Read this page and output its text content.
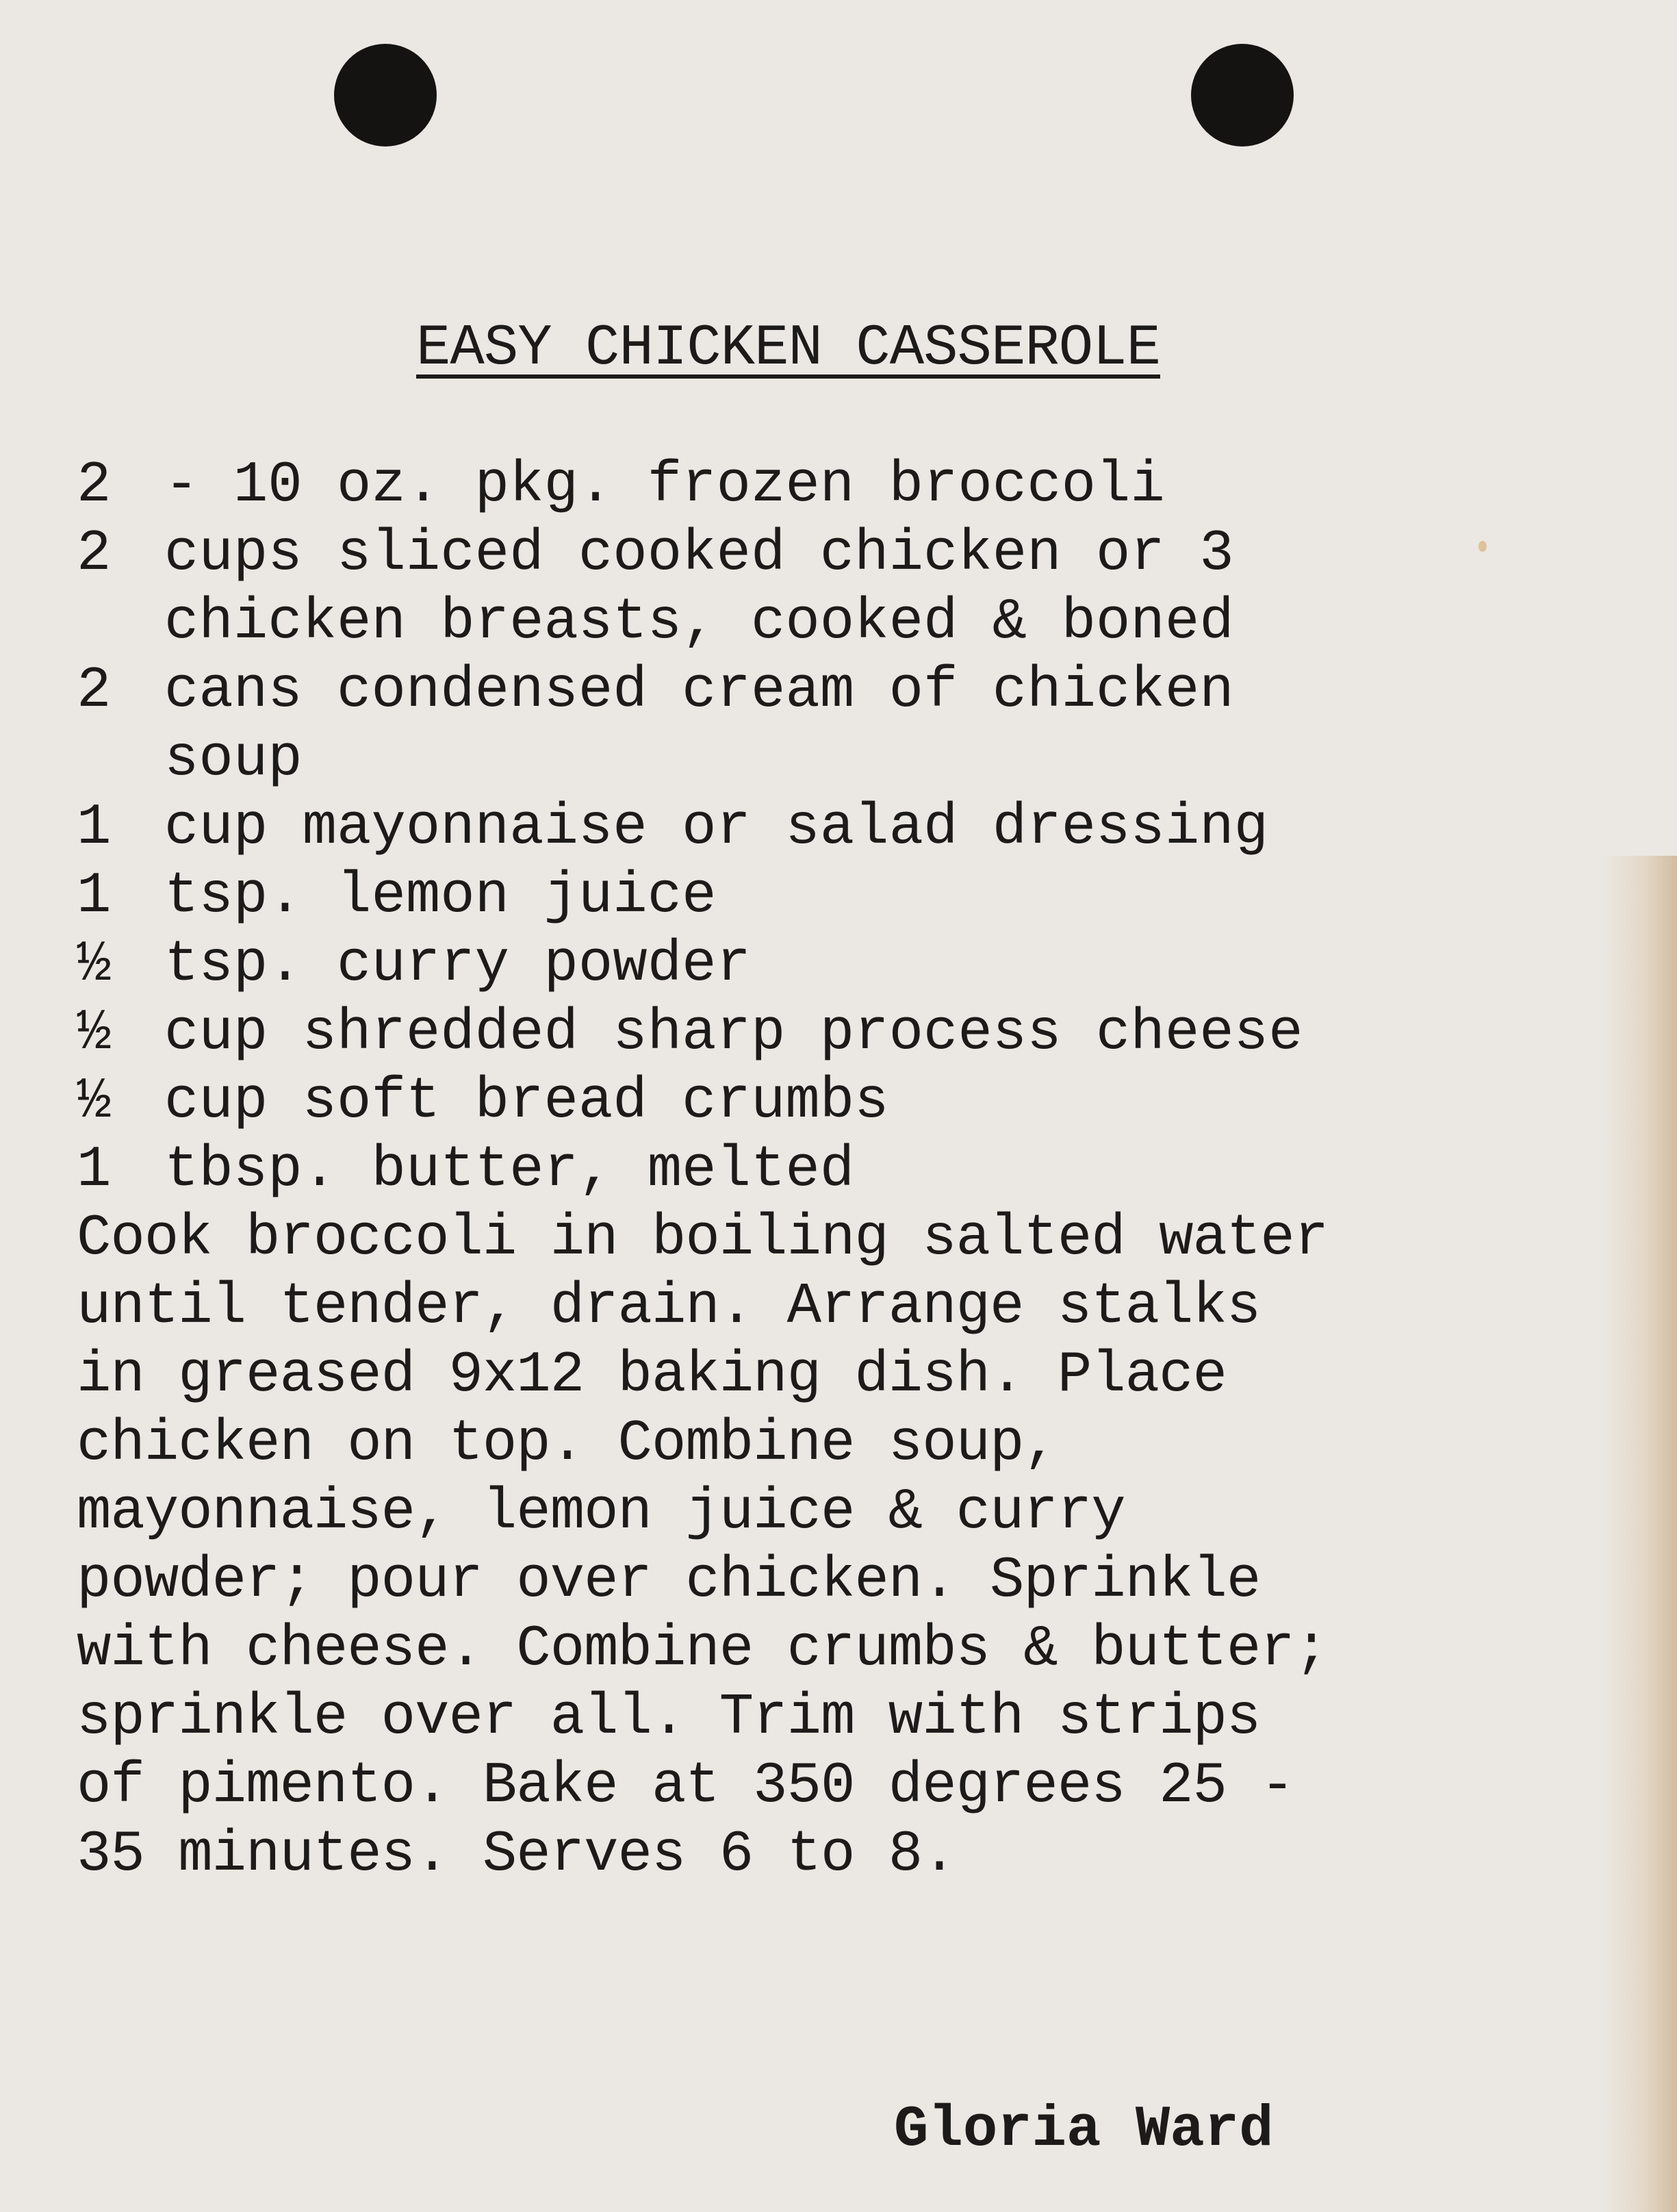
EASY CHICKEN CASSEROLE
2 - 10 oz. pkg. frozen broccoli
2 cups sliced cooked chicken or 3
chicken breasts, cooked & boned
2 cans condensed cream of chicken
soup
1 cup mayonnaise or salad dressing
1 tsp. lemon juice
½ tsp. curry powder
½ cup shredded sharp process cheese
½ cup soft bread crumbs
1 tbsp. butter, melted

Cook broccoli in boiling salted water
until tender, drain. Arrange stalks
in greased 9x12 baking dish. Place
chicken on top. Combine soup,
mayonnaise, lemon juice & curry
powder; pour over chicken. Sprinkle
with cheese. Combine crumbs & butter;
sprinkle over all. Trim with strips
of pimento. Bake at 350 degrees 25 -
35 minutes. Serves 6 to 8.

Gloria Ward
